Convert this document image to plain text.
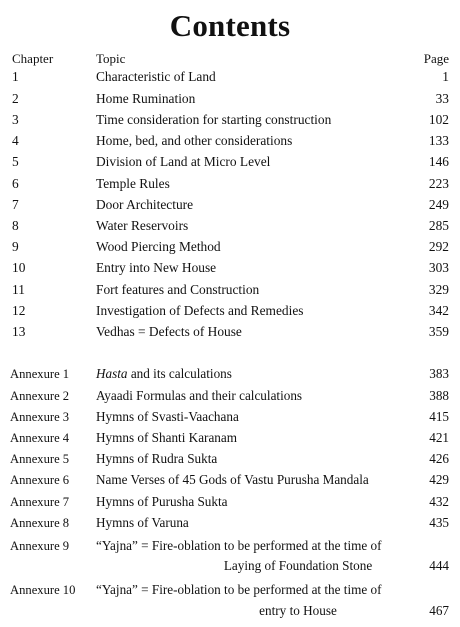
Contents
Chapter	Topic	Page
1	Characteristic of Land	1
2	Home Rumination	33
3	Time consideration for starting construction	102
4	Home, bed, and other considerations	133
5	Division of Land at Micro Level	146
6	Temple Rules	223
7	Door Architecture	249
8	Water Reservoirs	285
9	Wood Piercing Method	292
10	Entry into New House	303
11	Fort features and Construction	329
12	Investigation of Defects and Remedies	342
13	Vedhas = Defects of House	359
Annexure 1 Hasta and its calculations	383
Annexure 2 Ayaadi Formulas and their calculations	388
Annexure 3 Hymns of Svasti-Vaachana	415
Annexure 4 Hymns of Shanti Karanam	421
Annexure 5 Hymns of Rudra Sukta	426
Annexure 6 Name Verses of 45 Gods of Vastu Purusha Mandala	429
Annexure 7 Hymns of Purusha Sukta	432
Annexure 8 Hymns of Varuna	435
Annexure 9 “Yajna” = Fire-oblation to be performed at the time of
Laying of Foundation Stone	444
Annexure 10 “Yajna” = Fire-oblation to be performed at the time of
entry to House	467
